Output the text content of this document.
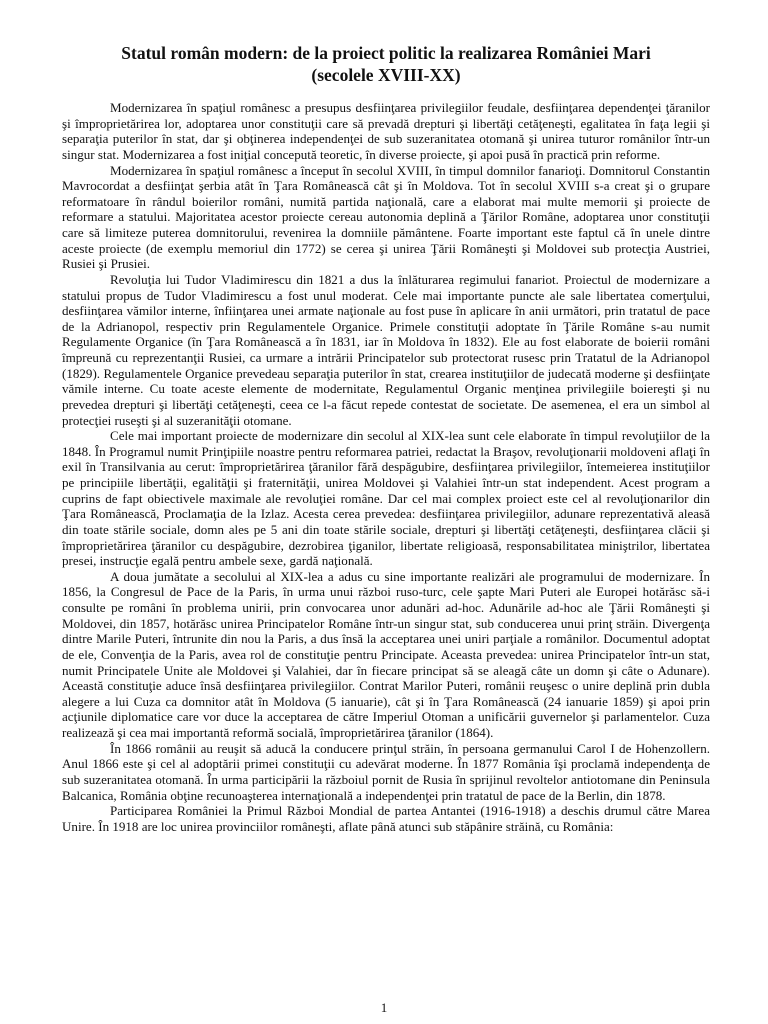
Statul român modern: de la proiect politic la realizarea României Mari
(secolele XVIII-XX)

Modernizarea în spaţiul românesc a presupus desfiinţarea privilegiilor feudale, desfiinţarea dependenţei ţăranilor şi împroprietărirea lor, adoptarea unor constituţii care să prevadă drepturi şi libertăţi cetăţeneşti, egalitatea în faţa legii şi separaţia puterilor în stat, dar şi obţinerea independenţei de sub suzeranitatea otomană şi unirea tuturor românilor într-un singur stat. Modernizarea a fost iniţial concepută teoretic, în diverse proiecte, şi apoi pusă în practică prin reforme.

Modernizarea în spaţiul românesc a început în secolul XVIII, în timpul domnilor fanarioţi. Domnitorul Constantin Mavrocordat a desfiinţat şerbia atât în Ţara Românească cât şi în Moldova. Tot în secolul XVIII s-a creat şi o grupare reformatoare în rândul boierilor români, numită partida naţională, care a elaborat mai multe memorii şi proiecte de reformare a statului. Majoritatea acestor proiecte cereau autonomia deplină a Ţărilor Române, adoptarea unor constituţii care să limiteze puterea domnitorului, revenirea la domniile pământene. Foarte important este faptul că în unele dintre aceste proiecte (de exemplu memoriul din 1772) se cerea şi unirea Ţării Româneşti şi Moldovei sub protecţia Austriei, Rusiei şi Prusiei.

Revoluţia lui Tudor Vladimirescu din 1821 a dus la înlăturarea regimului fanariot. Proiectul de modernizare a statului propus de Tudor Vladimirescu a fost unul moderat. Cele mai importante puncte ale sale libertatea comerţului, desfiinţarea vămilor interne, înfiinţarea unei armate naţionale au fost puse în aplicare în anii următori, prin tratatul de pace de la Adrianopol, respectiv prin Regulamentele Organice. Primele constituţii adoptate în Ţările Române s-au numit Regulamente Organice (în Ţara Românească a în 1831, iar în Moldova în 1832). Ele au fost elaborate de boierii români împreună cu reprezentanţii Rusiei, ca urmare a intrării Principatelor sub protectorat rusesc prin Tratatul de la Adrianopol (1829). Regulamentele Organice prevedeau separaţia puterilor în stat, crearea instituţiilor de judecată moderne şi desfiinţate vămile interne. Cu toate aceste elemente de modernitate, Regulamentul Organic menţinea privilegiile boiereşti şi nu prevedea drepturi şi libertăţi cetăţeneşti, ceea ce l-a făcut repede contestat de societate. De asemenea, el era un simbol al protecţiei ruseşti şi al suzeranităţii otomane.

Cele mai important proiecte de modernizare din secolul al XIX-lea sunt cele elaborate în timpul revoluţiilor de la 1848. În Programul numit Prinţipiile noastre pentru reformarea patriei, redactat la Braşov, revoluţionarii moldoveni aflaţi în exil în Transilvania au cerut: împroprietărirea ţăranilor fără despăgubire, desfiinţarea privilegiilor, întemeierea instituţiilor pe principiile libertăţii, egalităţii şi fraternităţii, unirea Moldovei şi Valahiei într-un stat independent. Acest program a cuprins de fapt obiectivele maximale ale revoluţiei române. Dar cel mai complex proiect este cel al revoluţionarilor din Ţara Românească, Proclamaţia de la Izlaz. Acesta cerea prevedea: desfiinţarea privilegiilor, adunare reprezentativă aleasă din toate stările sociale, domn ales pe 5 ani din toate stările sociale, drepturi şi libertăţi cetăţeneşti, desfiinţarea clăcii şi împroprietărirea ţăranilor cu despăgubire, dezrobirea ţiganilor, libertate religioasă, responsabilitatea miniştrilor, libertatea presei, instrucţie egală pentru ambele sexe, gardă naţională.

A doua jumătate a secolului al XIX-lea a adus cu sine importante realizări ale programului de modernizare. În 1856, la Congresul de Pace de la Paris, în urma unui război ruso-turc, cele şapte Mari Puteri ale Europei hotărăsc să-i consulte pe români în problema unirii, prin convocarea unor adunări ad-hoc. Adunările ad-hoc ale Ţării Româneşti şi Moldovei, din 1857, hotărăsc unirea Principatelor Române într-un singur stat, sub conducerea unui prinţ străin. Divergenţa dintre Marile Puteri, întrunite din nou la Paris, a dus însă la acceptarea unei uniri parţiale a românilor. Documentul adoptat de ele, Convenţia de la Paris, avea rol de constituţie pentru Principate. Aceasta prevedea: unirea Principatelor într-un stat, numit Principatele Unite ale Moldovei şi Valahiei, dar în fiecare principat să se aleagă câte un domn şi câte o Adunare). Această constituţie aduce însă desfiinţarea privilegiilor. Contrat Marilor Puteri, românii reuşesc o unire deplină prin dubla alegere a lui Cuza ca domnitor atât în Moldova (5 ianuarie), cât şi în Ţara Românească (24 ianuarie 1859) şi apoi prin acţiunile diplomatice care vor duce la acceptarea de către Imperiul Otoman a unificării guvernelor şi parlamentelor. Cuza realizează şi cea mai importantă reformă socială, împroprietărirea ţăranilor (1864).

În 1866 românii au reuşit să aducă la conducere prinţul străin, în persoana germanului Carol I de Hohenzollern. Anul 1866 este şi cel al adoptării primei constituţii cu adevărat moderne. În 1877 România îşi proclamă independenţa de sub suzeranitatea otomană. În urma participării la războiul pornit de Rusia în sprijinul revoltelor antiotomane din Peninsula Balcanica, România obţine recunoaşterea internaţională a independenţei prin tratatul de pace de la Berlin, din 1878.

Participarea României la Primul Război Mondial de partea Antantei (1916-1918) a deschis drumul către Marea Unire. În 1918 are loc unirea provinciilor româneşti, aflate până atunci sub stăpânire străină, cu România:

1
